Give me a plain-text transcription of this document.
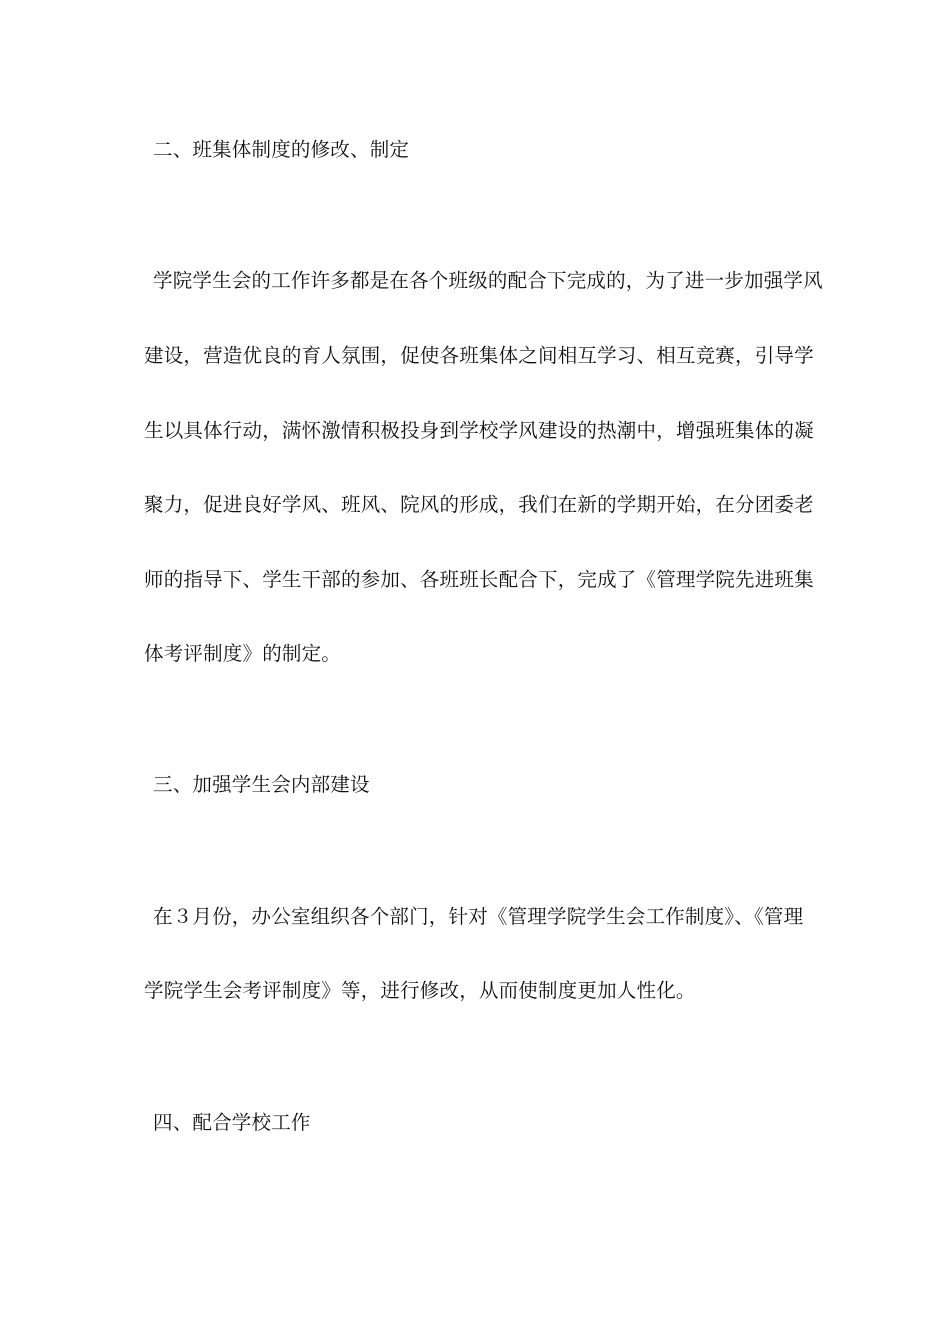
二、班集体制度的修改、制定
学院学生会的工作许多都是在各个班级的配合下完成的，为了进一步加强学风
建设，营造优良的育人氛围，促使各班集体之间相互学习、相互竞赛，引导学
生以具体行动，满怀激情积极投身到学校学风建设的热潮中，增强班集体的凝
聚力，促进良好学风、班风、院风的形成，我们在新的学期开始，在分团委老
师的指导下、学生干部的参加、各班班长配合下，完成了《管理学院先进班集
体考评制度》的制定。
三、加强学生会内部建设
在３月份，办公室组织各个部门，针对《管理学院学生会工作制度》、《管理
学院学生会考评制度》等，进行修改，从而使制度更加人性化。
四、配合学校工作
